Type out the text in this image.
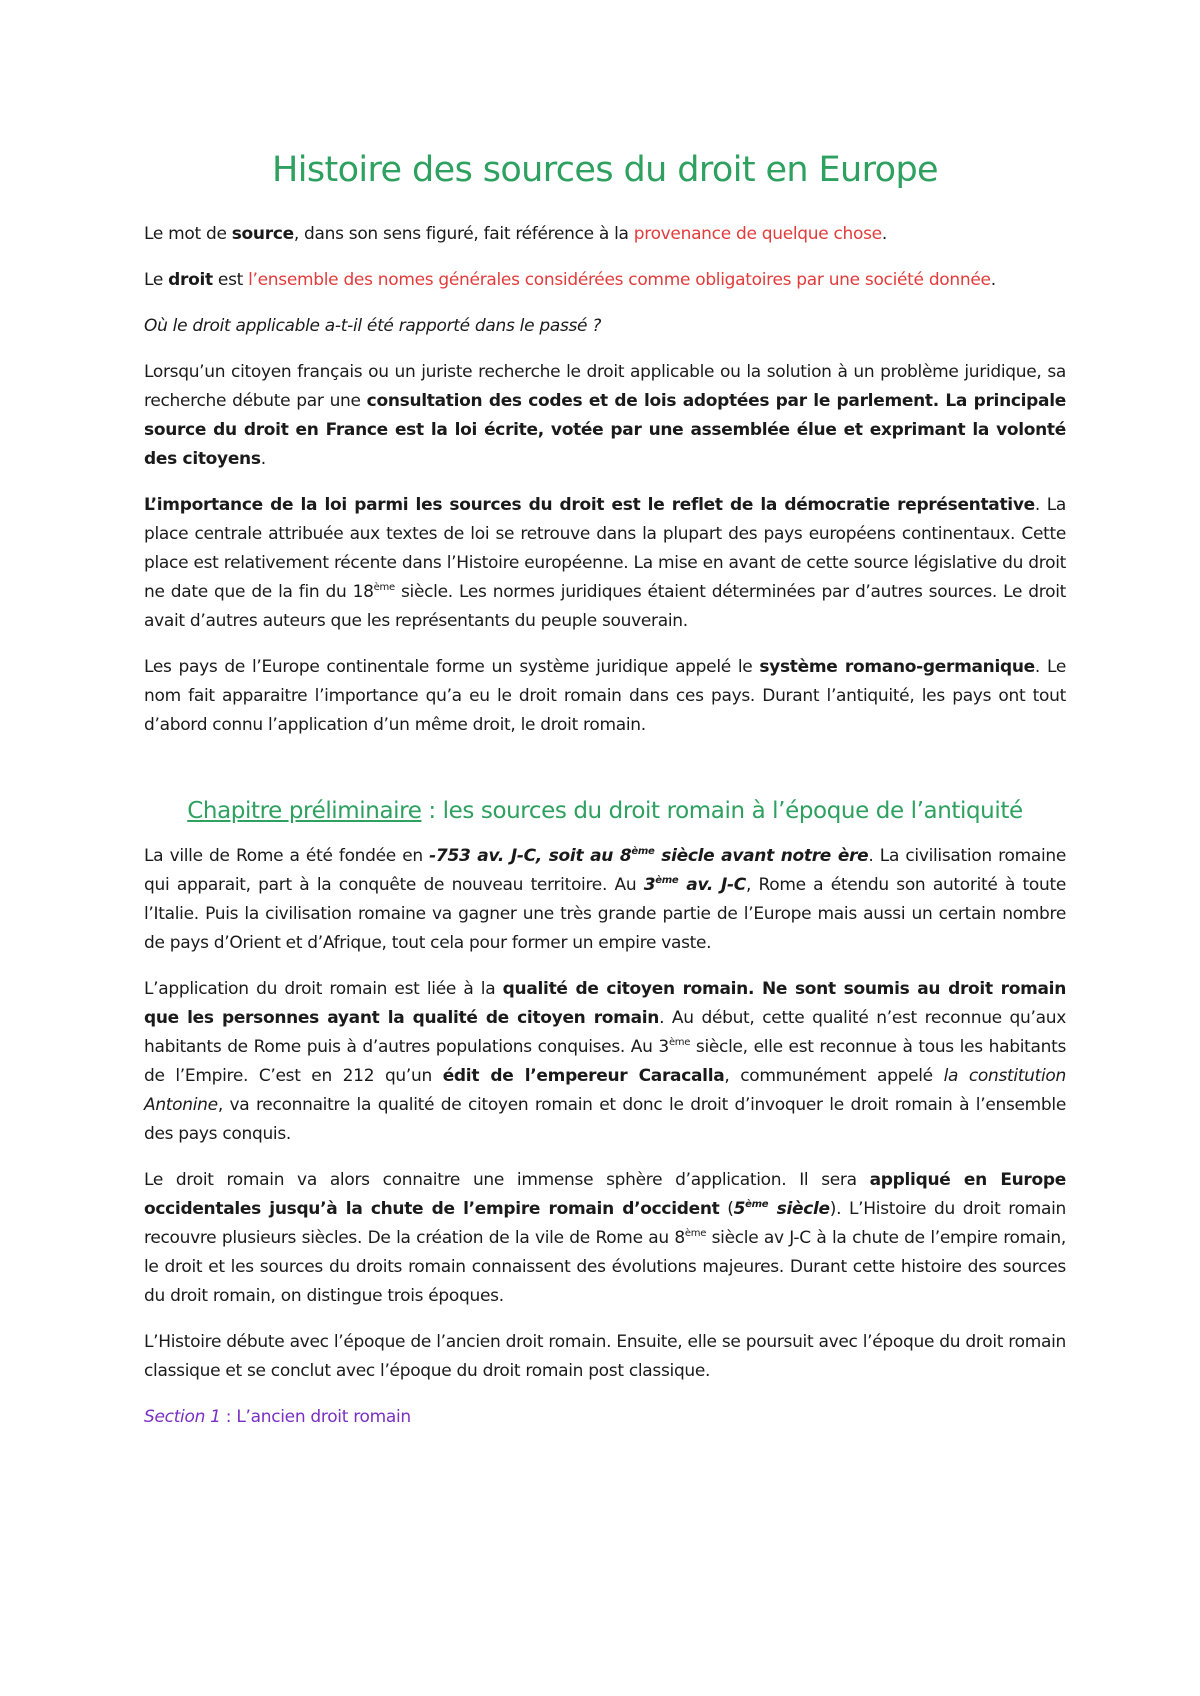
Histoire des sources du droit en Europe

Le mot de source, dans son sens figuré, fait référence à la provenance de quelque chose.

Le droit est l’ensemble des nomes générales considérées comme obligatoires par une société donnée.

Où le droit applicable a-t-il été rapporté dans le passé ?

Lorsqu’un citoyen français ou un juriste recherche le droit applicable ou la solution à un problème juridique, sa recherche débute par une consultation des codes et de lois adoptées par le parlement. La principale source du droit en France est la loi écrite, votée par une assemblée élue et exprimant la volonté des citoyens.

L’importance de la loi parmi les sources du droit est le reflet de la démocratie représentative. La place centrale attribuée aux textes de loi se retrouve dans la plupart des pays européens continentaux. Cette place est relativement récente dans l’Histoire européenne. La mise en avant de cette source législative du droit ne date que de la fin du 18ème siècle. Les normes juridiques étaient déterminées par d’autres sources. Le droit avait d’autres auteurs que les représentants du peuple souverain.

Les pays de l’Europe continentale forme un système juridique appelé le système romano-germanique. Le nom fait apparaitre l’importance qu’a eu le droit romain dans ces pays. Durant l’antiquité, les pays ont tout d’abord connu l’application d’un même droit, le droit romain.

Chapitre préliminaire : les sources du droit romain à l’époque de l’antiquité

La ville de Rome a été fondée en -753 av. J-C, soit au 8ème siècle avant notre ère. La civilisation romaine qui apparait, part à la conquête de nouveau territoire. Au 3ème av. J-C, Rome a étendu son autorité à toute l’Italie. Puis la civilisation romaine va gagner une très grande partie de l’Europe mais aussi un certain nombre de pays d’Orient et d’Afrique, tout cela pour former un empire vaste.

L’application du droit romain est liée à la qualité de citoyen romain. Ne sont soumis au droit romain que les personnes ayant la qualité de citoyen romain. Au début, cette qualité n’est reconnue qu’aux habitants de Rome puis à d’autres populations conquises. Au 3ème siècle, elle est reconnue à tous les habitants de l’Empire. C’est en 212 qu’un édit de l’empereur Caracalla, communément appelé la constitution Antonine, va reconnaitre la qualité de citoyen romain et donc le droit d’invoquer le droit romain à l’ensemble des pays conquis.

Le droit romain va alors connaitre une immense sphère d’application. Il sera appliqué en Europe occidentales jusqu’à la chute de l’empire romain d’occident (5ème siècle). L’Histoire du droit romain recouvre plusieurs siècles. De la création de la vile de Rome au 8ème siècle av J-C à la chute de l’empire romain, le droit et les sources du droits romain connaissent des évolutions majeures. Durant cette histoire des sources du droit romain, on distingue trois époques.

L’Histoire débute avec l’époque de l’ancien droit romain. Ensuite, elle se poursuit avec l’époque du droit romain classique et se conclut avec l’époque du droit romain post classique.

Section 1 : L’ancien droit romain
